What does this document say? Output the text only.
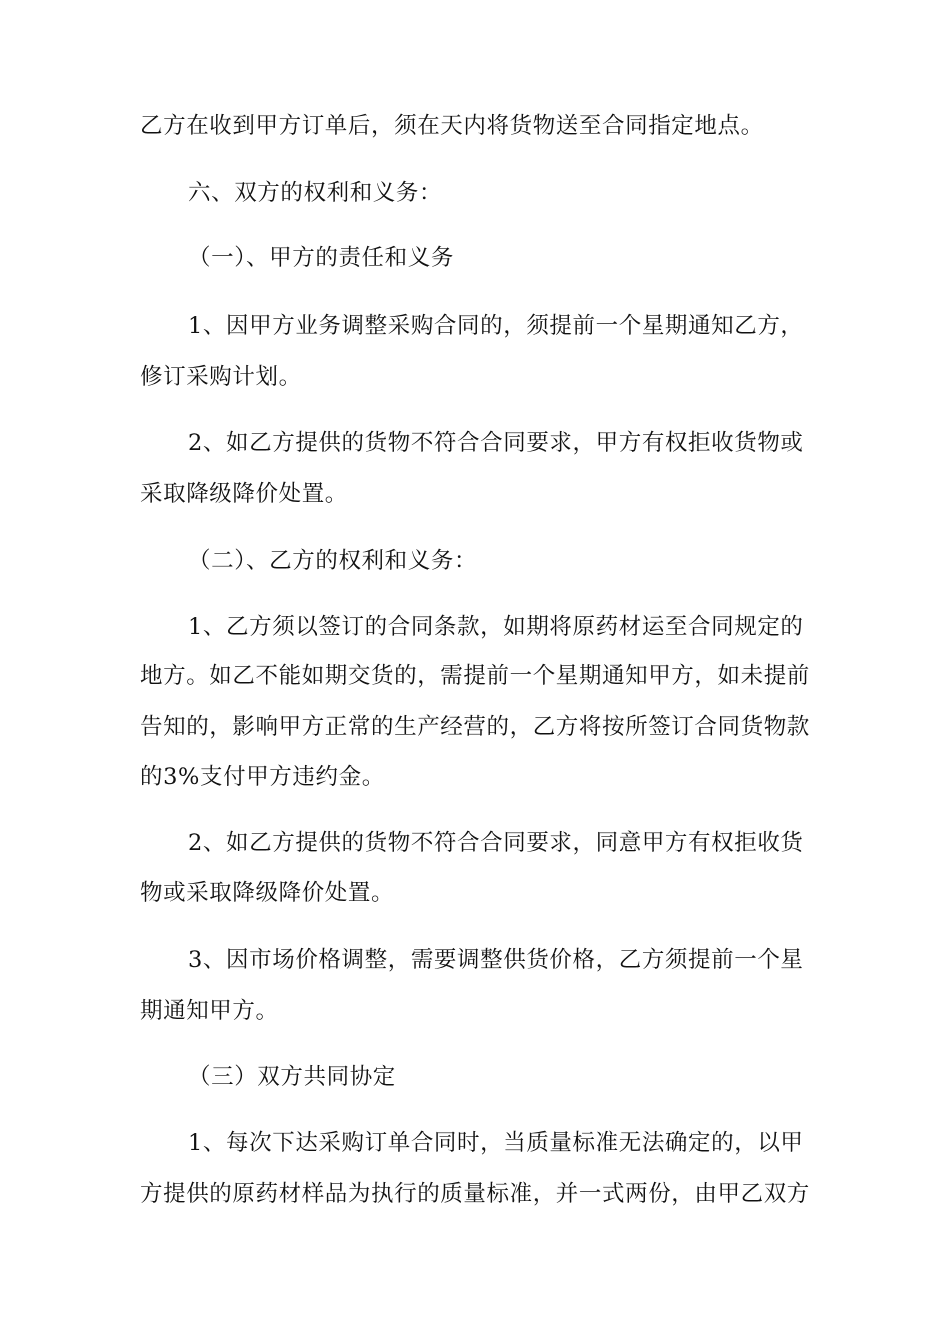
乙方在收到甲方订单后，须在天内将货物送至合同指定地点。
六、双方的权利和义务：
（一）、甲方的责任和义务
1、因甲方业务调整采购合同的，须提前一个星期通知乙方，
修订采购计划。
2、如乙方提供的货物不符合合同要求，甲方有权拒收货物或
采取降级降价处置。
（二）、乙方的权利和义务：
1、乙方须以签订的合同条款，如期将原药材运至合同规定的
地方。如乙不能如期交货的，需提前一个星期通知甲方，如未提前
告知的，影响甲方正常的生产经营的，乙方将按所签订合同货物款
的3%支付甲方违约金。
2、如乙方提供的货物不符合合同要求，同意甲方有权拒收货
物或采取降级降价处置。
3、因市场价格调整，需要调整供货价格，乙方须提前一个星
期通知甲方。
（三）双方共同协定
1、每次下达采购订单合同时，当质量标准无法确定的，以甲
方提供的原药材样品为执行的质量标准，并一式两份，由甲乙双方
